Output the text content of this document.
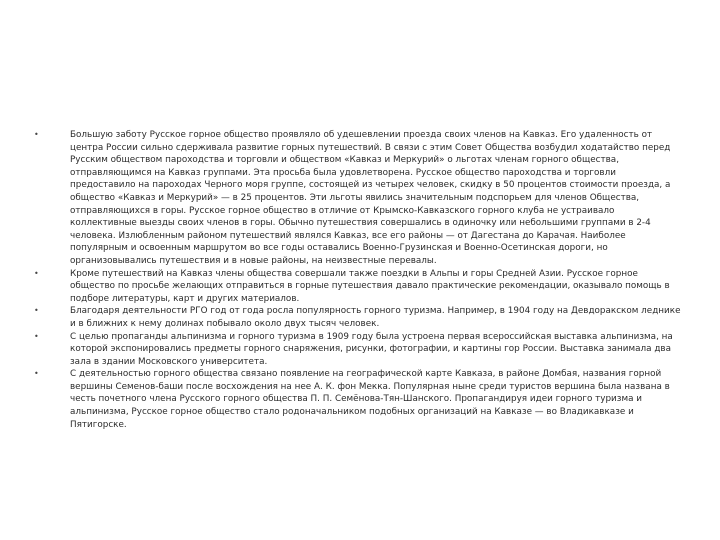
•	Большую заботу Русское горное общество проявляло об удешевлении проезда своих членов на Кавказ. Его удаленность от центра России сильно сдерживала развитие горных путешествий. В связи с этим Совет Общества возбудил ходатайство перед Русским обществом пароходства и торговли и обществом «Кавказ и Меркурий» о льготах членам горного общества, отправляющимся на Кавказ группами. Эта просьба была удовлетворена. Русское общество пароходства и торговли предоставило на пароходах Черного моря группе, состоящей из четырех человек, скидку в 50 процентов стоимости проезда, а общество «Кавказ и Меркурий» — в 25 процентов. Эти льготы явились значительным подспорьем для членов Общества, отправляющихся в горы. Русское горное общество в отличие от Крымско-Кавказского горного клуба не устраивало коллективные выезды своих членов в горы. Обычно путешествия совершались в одиночку или небольшими группами в 2-4 человека. Излюбленным районом путешествий являлся Кавказ, все его районы — от Дагестана до Карачая. Наиболее популярным и освоенным маршрутом во все годы оставались Военно-Грузинская и Военно-Осетинская дороги, но организовывались путешествия и в новые районы, на неизвестные перевалы.
•	Кроме путешествий на Кавказ члены общества совершали также поездки в Альпы и горы Средней Азии. Русское горное общество по просьбе желающих отправиться в горные путешествия давало практические рекомендации, оказывало помощь в подборе литературы, карт и других материалов.
•	Благодаря деятельности РГО год от года росла популярность горного туризма. Например, в 1904 году на Девдоракском леднике и в ближних к нему долинах побывало около двух тысяч человек.
•	С целью пропаганды альпинизма и горного туризма в 1909 году была устроена первая всероссийская выставка альпинизма, на которой экспонировались предметы горного снаряжения, рисунки, фотографии, и картины гор России. Выставка занимала два зала в здании Московского университета.
•	С деятельностью горного общества связано появление на географической карте Кавказа, в районе Домбая, названия горной вершины Семенов-баши после восхождения на нее А. К. фон Мекка. Популярная ныне среди туристов вершина была названа в честь почетного члена Русского горного общества П. П. Семёнова-Тян-Шанского. Пропагандируя идеи горного туризма и альпинизма, Русское горное общество стало родоначальником подобных организаций на Кавказе — во Владикавказе и Пятигорске.
